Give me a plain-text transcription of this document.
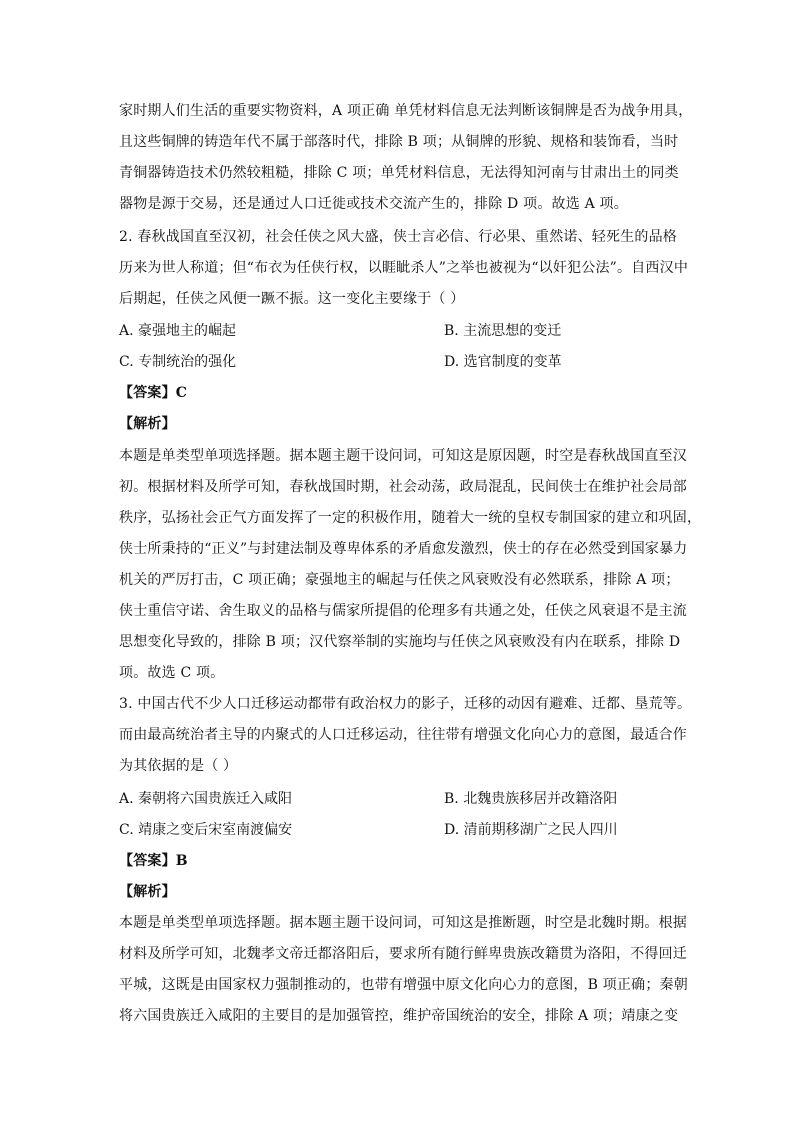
家时期人们生活的重要实物资料，A 项正确 单凭材料信息无法判断该铜牌是否为战争用具，
且这些铜牌的铸造年代不属于部落时代，排除 B 项；从铜牌的形貌、规格和装饰看，当时
青铜器铸造技术仍然较粗糙，排除 C 项；单凭材料信息，无法得知河南与甘肃出土的同类
器物是源于交易，还是通过人口迁徙或技术交流产生的，排除 D 项。故选 A 项。
2. 春秋战国直至汉初，社会任侠之风大盛，侠士言必信、行必果、重然诺、轻死生的品格
历来为世人称道；但“布衣为任侠行权，以睚眦杀人”之举也被视为“以奸犯公法”。自西汉中
后期起，任侠之风便一蹶不振。这一变化主要缘于（ ）
A. 豪强地主的崛起	B. 主流思想的变迁
C. 专制统治的强化	D. 选官制度的变革
【答案】C
【解析】
本题是单类型单项选择题。据本题主题干设问词，可知这是原因题，时空是春秋战国直至汉
初。根据材料及所学可知，春秋战国时期，社会动荡，政局混乱，民间侠士在维护社会局部
秩序，弘扬社会正气方面发挥了一定的积极作用，随着大一统的皇权专制国家的建立和巩固，
侠士所秉持的“正义”与封建法制及尊卑体系的矛盾愈发激烈，侠士的存在必然受到国家暴力
机关的严厉打击，C 项正确；豪强地主的崛起与任侠之风衰败没有必然联系，排除 A 项；
侠士重信守诺、舍生取义的品格与儒家所提倡的伦理多有共通之处，任侠之风衰退不是主流
思想变化导致的，排除 B 项；汉代察举制的实施均与任侠之风衰败没有内在联系，排除 D
项。故选 C 项。
3. 中国古代不少人口迁移运动都带有政治权力的影子，迁移的动因有避难、迁都、垦荒等。
而由最高统治者主导的内聚式的人口迁移运动，往往带有增强文化向心力的意图，最适合作
为其依据的是（ ）
A. 秦朝将六国贵族迁入咸阳	B. 北魏贵族移居并改籍洛阳
C. 靖康之变后宋室南渡偏安	D. 清前期移湖广之民人四川
【答案】B
【解析】
本题是单类型单项选择题。据本题主题干设问词，可知这是推断题，时空是北魏时期。根据
材料及所学可知，北魏孝文帝迁都洛阳后，要求所有随行鲜卑贵族改籍贯为洛阳，不得回迁
平城，这既是由国家权力强制推动的，也带有增强中原文化向心力的意图，B 项正确；秦朝
将六国贵族迁入咸阳的主要目的是加强管控，维护帝国统治的安全，排除 A 项；靖康之变
